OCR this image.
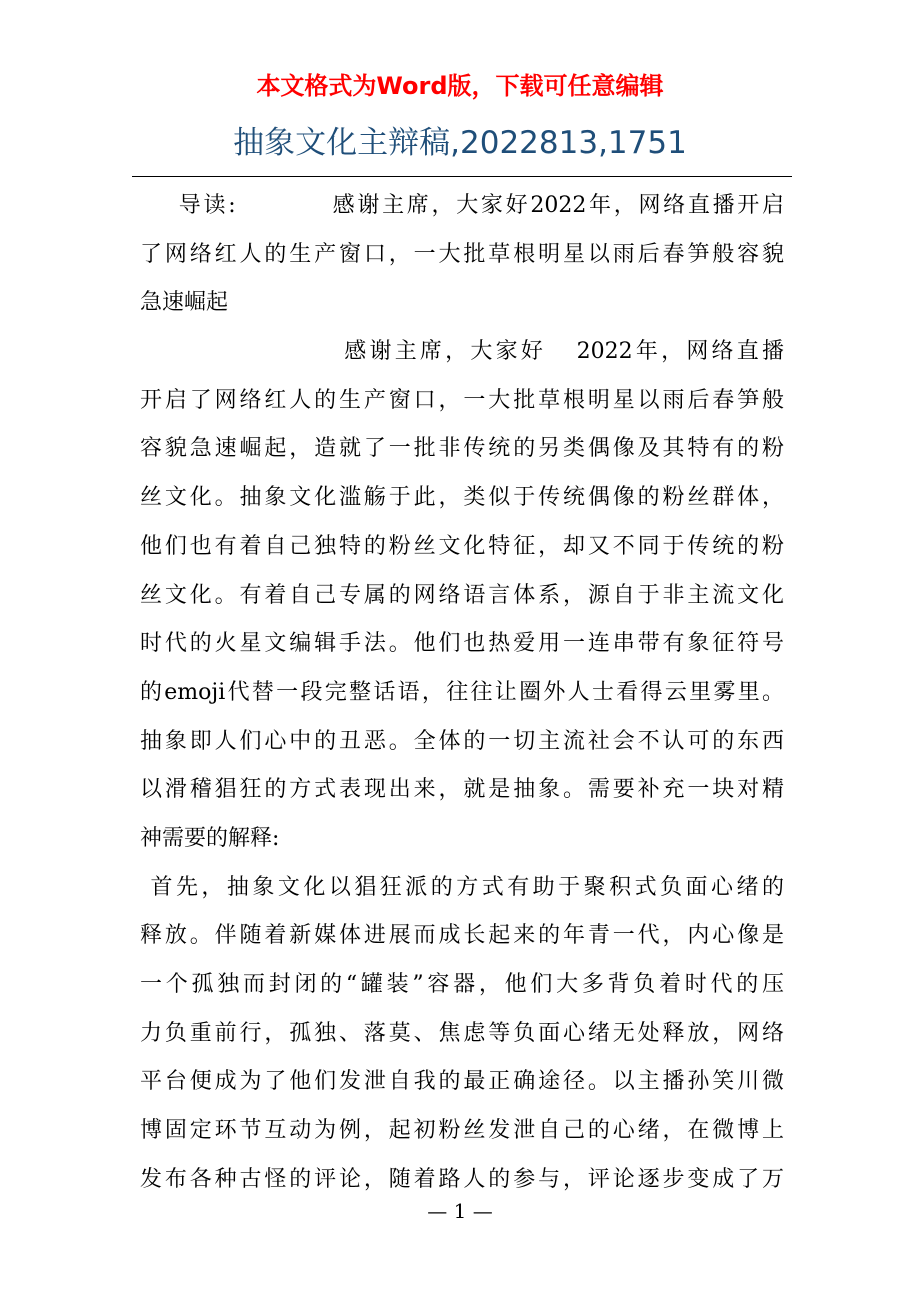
本文格式为Word版，下载可任意编辑
抽象文化主辩稿,2022813,1751
导读:          感谢主席，大家好2022年，网络直播开启
了网络红人的生产窗口，一大批草根明星以雨后春笋般容貌
急速崛起
感谢主席，大家好   2022年，网络直播
开启了网络红人的生产窗口，一大批草根明星以雨后春笋般
容貌急速崛起，造就了一批非传统的另类偶像及其特有的粉
丝文化。抽象文化滥觞于此，类似于传统偶像的粉丝群体，
他们也有着自己独特的粉丝文化特征，却又不同于传统的粉
丝文化。有着自己专属的网络语言体系，源自于非主流文化
时代的火星文编辑手法。他们也热爱用一连串带有象征符号
的emoji代替一段完整话语，往往让圈外人士看得云里雾里。
抽象即人们心中的丑恶。全体的一切主流社会不认可的东西
以滑稽猖狂的方式表现出来，就是抽象。需要补充一块对精
神需要的解释:
首先，抽象文化以猖狂派的方式有助于聚积式负面心绪的
释放。伴随着新媒体进展而成长起来的年青一代，内心像是
一个孤独而封闭的“罐装”容器，他们大多背负着时代的压
力负重前行，孤独、落莫、焦虑等负面心绪无处释放，网络
平台便成为了他们发泄自我的最正确途径。以主播孙笑川微
博固定环节互动为例，起初粉丝发泄自己的心绪，在微博上
发布各种古怪的评论，随着路人的参与，评论逐步变成了万
— 1 —
